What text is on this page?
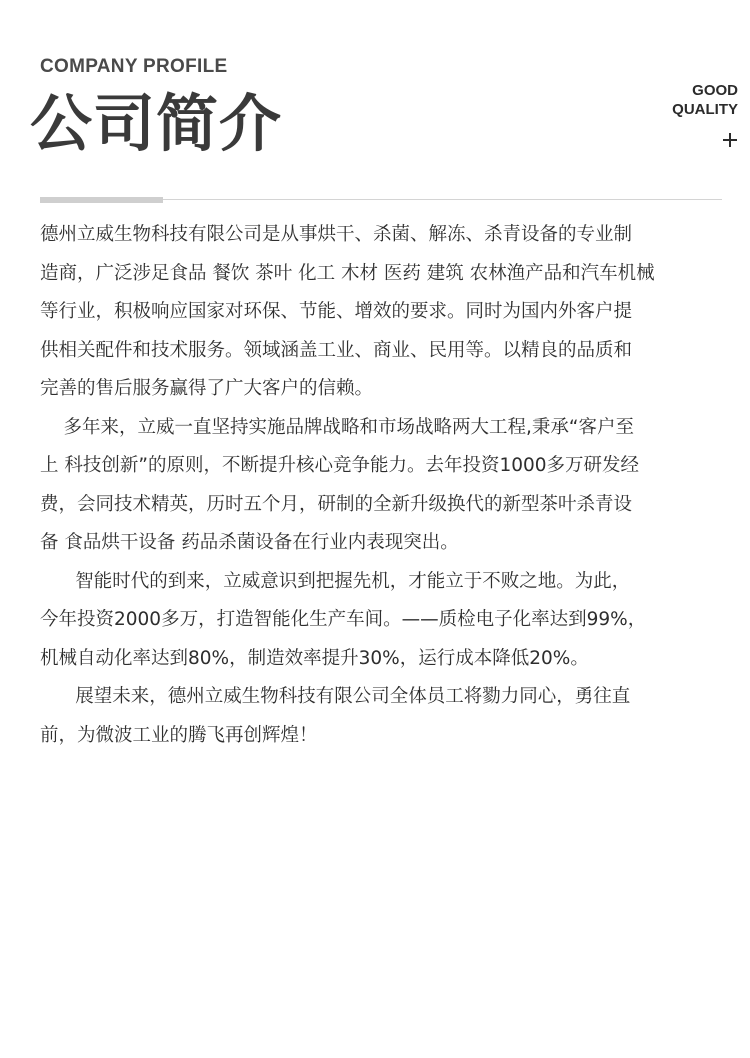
COMPANY PROFILE
公司简介	GOOD
QUALITY

德州立威生物科技有限公司是从事烘干、杀菌、解冻、杀青设备的专业制

造商，广泛涉足食品 餐饮 茶叶 化工 木材 医药 建筑 农林渔产品和汽车机械

等行业，积极响应国家对环保、节能、增效的要求。同时为国内外客户提

供相关配件和技术服务。领域涵盖工业、商业、民用等。以精良的品质和

完善的售后服务赢得了广大客户的信赖。

多年来，立威一直坚持实施品牌战略和市场战略两大工程,秉承“客户至

上 科技创新”的原则，不断提升核心竞争能力。去年投资1000多万研发经

费，会同技术精英，历时五个月，研制的全新升级换代的新型茶叶杀青设

备 食品烘干设备 药品杀菌设备在行业内表现突出。

智能时代的到来，立威意识到把握先机，才能立于不败之地。为此，

今年投资2000多万，打造智能化生产车间。——质检电子化率达到99%，

机械自动化率达到80%，制造效率提升30%，运行成本降低20%。

展望未来，德州立威生物科技有限公司全体员工将勠力同心，勇往直

前，为微波工业的腾飞再创辉煌！
